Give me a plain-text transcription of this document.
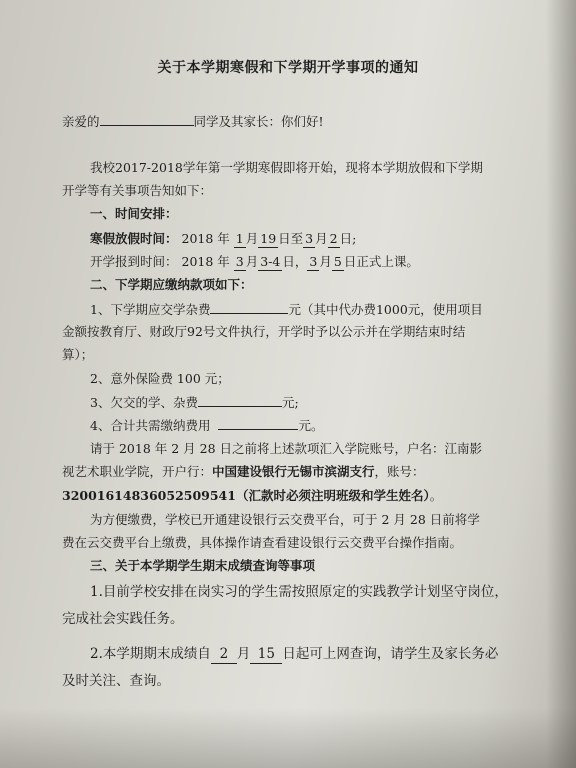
关于本学期寒假和下学期开学事项的通知
亲爱的	同学及其家长：你们好!
我校2017-2018学年第一学期寒假即将开始，现将本学期放假和下学期
开学等有关事项告知如下：
一、时间安排：
寒假放假时间： 2018 年 1 月 19 日至 3 月 2 日;
开学报到时间： 2018 年 3 月 3-4 日， 3 月 5 日正式上课。
二、下学期应缴纳款项如下：
1、下学期应交学杂费	元（其中代办费1000元，使用项目
金额按教育厅、财政厅92号文件执行，开学时予以公示并在学期结束时结
算）；
2、意外保险费 100 元；
3、欠交的学、杂费	元;
4、合计共需缴纳费用	元。
请于 2018 年 2 月 28 日之前将上述款项汇入学院账号，户名：江南影
视艺术职业学院，开户行：中国建设银行无锡市滨湖支行，账号：
32001614836052509541（汇款时必须注明班级和学生姓名）。
为方便缴费，学校已开通建设银行云交费平台，可于 2 月 28 日前将学
费在云交费平台上缴费，具体操作请查看建设银行云交费平台操作指南。
三、关于本学期学生期末成绩查询等事项
1.目前学校安排在岗实习的学生需按照原定的实践教学计划坚守岗位，
完成社会实践任务。
2.本学期期末成绩自 2 月 15 日起可上网查询，请学生及家长务必
及时关注、查询。
